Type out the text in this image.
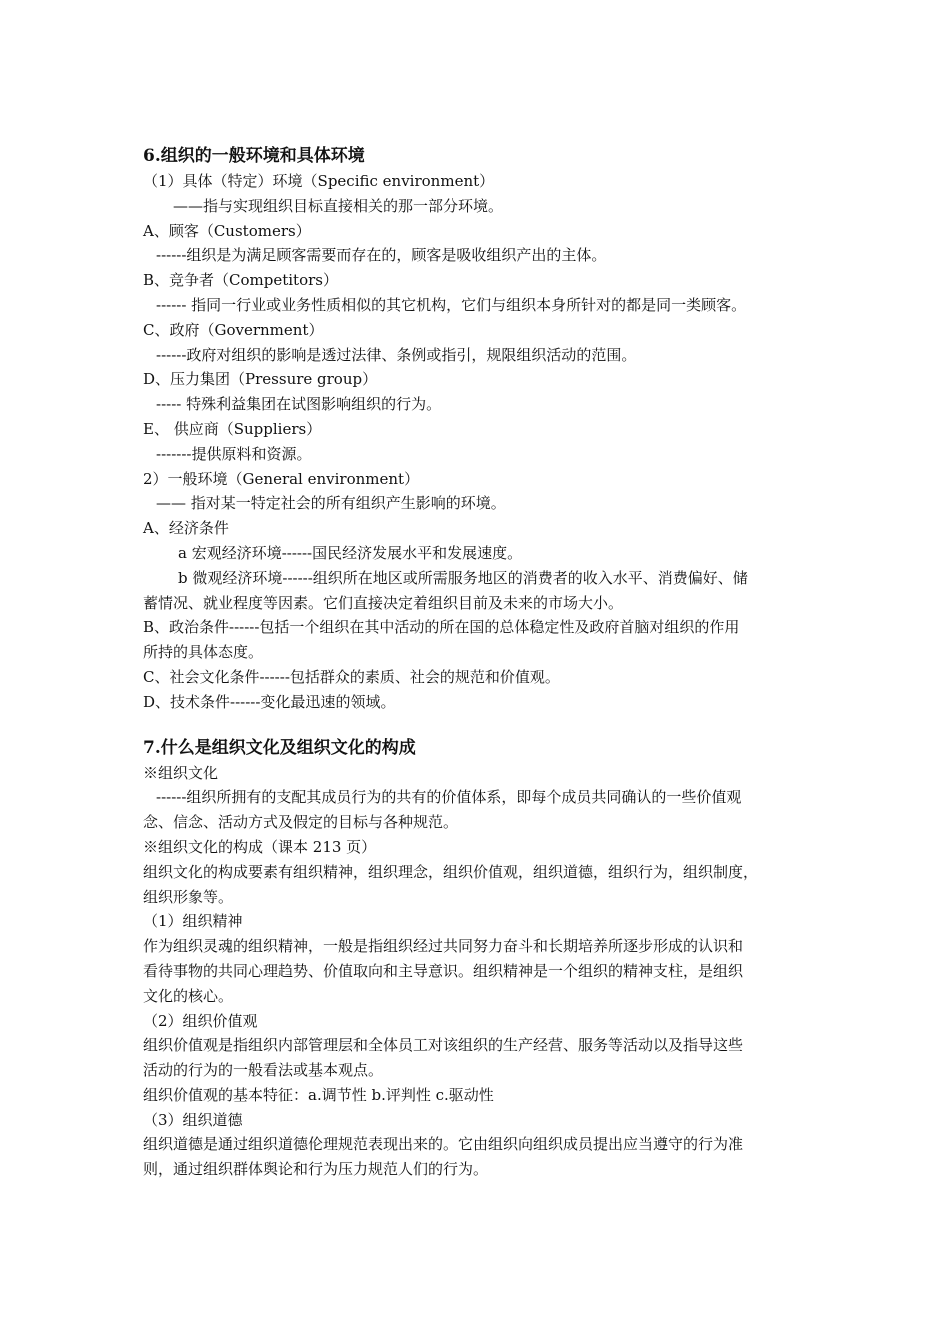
6.组织的一般环境和具体环境
（1）具体（特定）环境（Specific environment）
——指与实现组织目标直接相关的那一部分环境。
A、顾客（Customers）
------组织是为满足顾客需要而存在的，顾客是吸收组织产出的主体。
B、竞争者（Competitors）
------ 指同一行业或业务性质相似的其它机构，它们与组织本身所针对的都是同一类顾客。
C、政府（Government）
------政府对组织的影响是透过法律、条例或指引，规限组织活动的范围。
D、压力集团（Pressure group）
----- 特殊利益集团在试图影响组织的行为。
E、 供应商（Suppliers）
-------提供原料和资源。
2）一般环境（General environment）
—— 指对某一特定社会的所有组织产生影响的环境。
A、经济条件
a 宏观经济环境------国民经济发展水平和发展速度。
b 微观经济环境------组织所在地区或所需服务地区的消费者的收入水平、消费偏好、储
蓄情况、就业程度等因素。它们直接决定着组织目前及未来的市场大小。
B、政治条件------包括一个组织在其中活动的所在国的总体稳定性及政府首脑对组织的作用
所持的具体态度。
C、社会文化条件------包括群众的素质、社会的规范和价值观。
D、技术条件------变化最迅速的领域。
7.什么是组织文化及组织文化的构成
※组织文化
------组织所拥有的支配其成员行为的共有的价值体系，即每个成员共同确认的一些价值观
念、信念、活动方式及假定的目标与各种规范。
※组织文化的构成（课本 213 页）
组织文化的构成要素有组织精神，组织理念，组织价值观，组织道德，组织行为，组织制度，
组织形象等。
（1）组织精神
作为组织灵魂的组织精神，一般是指组织经过共同努力奋斗和长期培养所逐步形成的认识和
看待事物的共同心理趋势、价值取向和主导意识。组织精神是一个组织的精神支柱，是组织
文化的核心。
（2）组织价值观
组织价值观是指组织内部管理层和全体员工对该组织的生产经营、服务等活动以及指导这些
活动的行为的一般看法或基本观点。
组织价值观的基本特征：a.调节性 b.评判性 c.驱动性
（3）组织道德
组织道德是通过组织道德伦理规范表现出来的。它由组织向组织成员提出应当遵守的行为准
则，通过组织群体舆论和行为压力规范人们的行为。
